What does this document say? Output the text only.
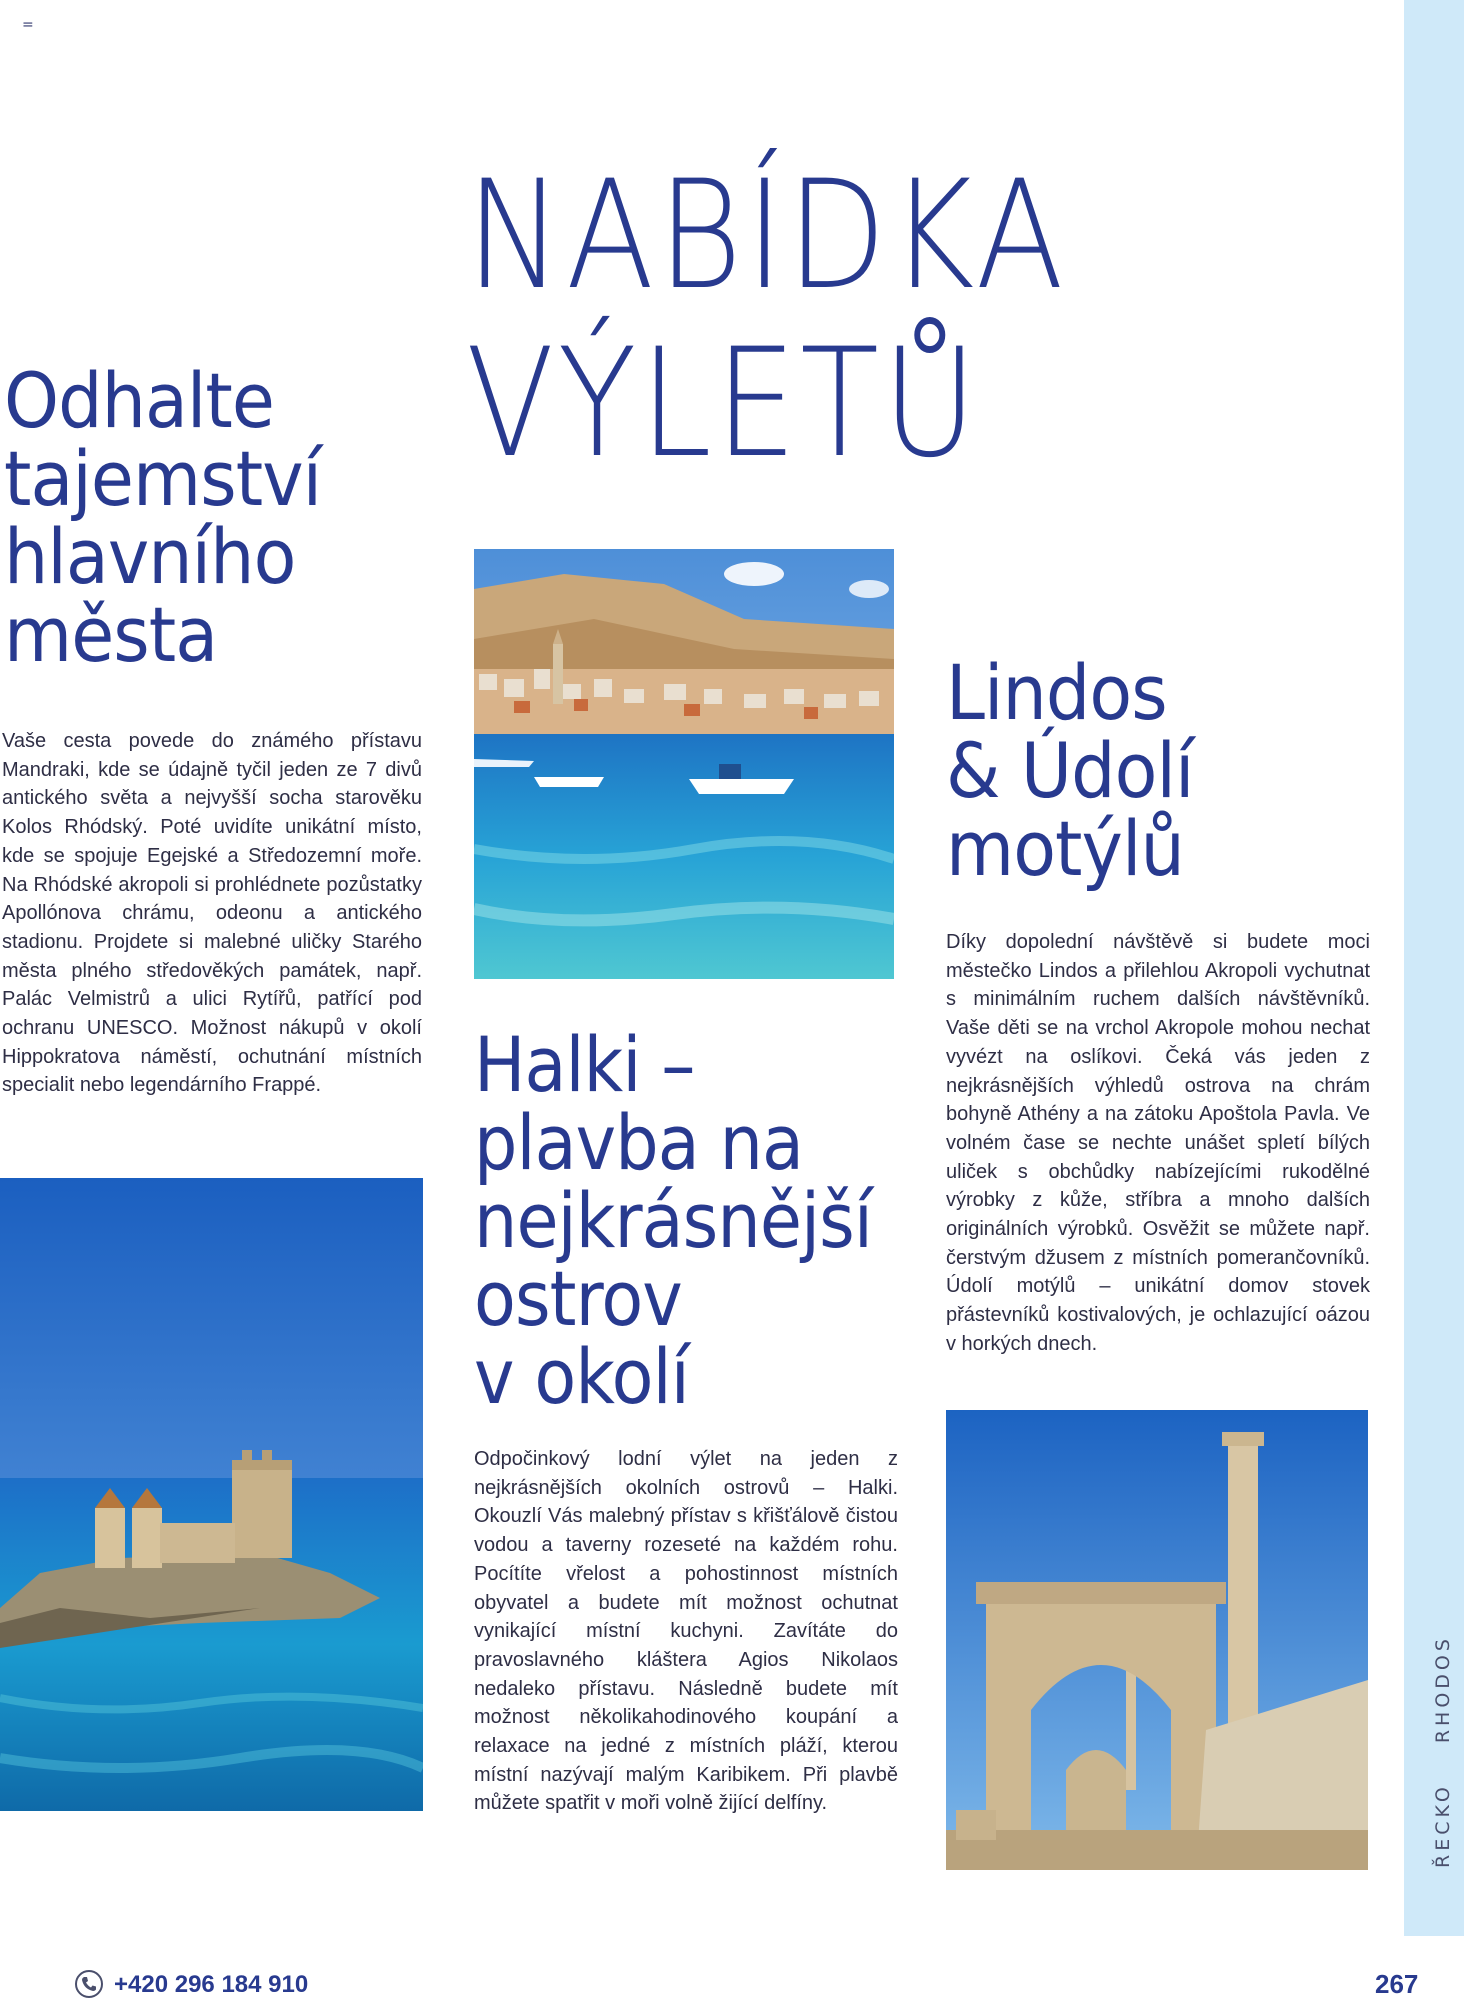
=
ŘECKORHODOS
NABÍDKA
VÝLETŮ
Odhalte
tajemství
hlavního
města
Vaše cesta povede do známého přístavu Mandraki, kde se údajně tyčil jeden ze 7 divů antického světa a nejvyšší socha starověku Kolos Rhódský. Poté uvidíte unikátní místo, kde se spojuje Egejské a Středozemní moře. Na Rhódské akropoli si prohlédnete pozůstatky Apollónova chrámu, odeonu a antického stadionu. Projdete si malebné uličky Starého města plného středověkých památek, např. Palác Velmistrů a ulici Rytířů, patřící pod ochranu UNESCO. Možnost nákupů v okolí Hippokratova náměstí, ochutnání místních specialit nebo legendárního Frappé.	Halki –
plavba na
nejkrásnější
ostrov
v okolí
Odpočinkový lodní výlet na jeden z nejkrásnějších okolních ostrovů – Halki. Okouzlí Vás malebný přístav s křišťálově čistou vodou a taverny rozeseté na každém rohu. Pocítíte vřelost a pohostinnost místních obyvatel a budete mít možnost ochutnat vynikající místní kuchyni. Zavítáte do pravoslavného kláštera Agios Nikolaos nedaleko přístavu. Následně budete mít možnost několikahodinového koupání a relaxace na jedné z místních pláží, kterou místní nazývají malým Karibikem. Při plavbě můžete spatřit v moři volně žijící delfíny.
Lindos
& Údolí
motýlů
Díky dopolední návštěvě si budete moci městečko Lindos a přilehlou Akropoli vychutnat s minimálním ruchem dalších návštěvníků. Vaše děti se na vrchol Akropole mohou nechat vyvézt na oslíkovi. Čeká vás jeden z nejkrásnějších výhledů ostrova na chrám bohyně Athény a na zátoku Apoštola Pavla. Ve volném čase se nechte unášet spletí bílých uliček s obchůdky nabízejícími rukodělné výrobky z kůže, stříbra a mnoho dalších originálních výrobků. Osvěžit se můžete např. čerstvým džusem z místních pomerančovníků. Údolí motýlů – unikátní domov stovek přástevníků kostivalových, je ochlazující oázou v horkých dnech.
+420 296 184 910	267
